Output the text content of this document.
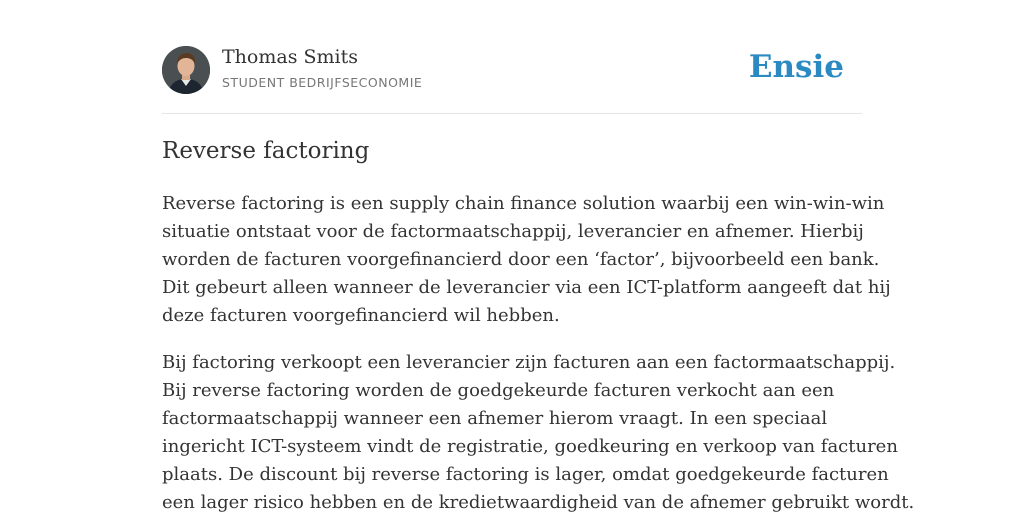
Thomas Smits
STUDENT BEDRIJFSECONOMIE	Ensie
Reverse factoring

Reverse factoring is een supply chain finance solution waarbij een win-win-win
situatie ontstaat voor de factormaatschappij, leverancier en afnemer. Hierbij
worden de facturen voorgefinancierd door een ‘factor’, bijvoorbeeld een bank.
Dit gebeurt alleen wanneer de leverancier via een ICT-platform aangeeft dat hij
deze facturen voorgefinancierd wil hebben.

Bij factoring verkoopt een leverancier zijn facturen aan een factormaatschappij.
Bij reverse factoring worden de goedgekeurde facturen verkocht aan een
factormaatschappij wanneer een afnemer hierom vraagt. In een speciaal
ingericht ICT-systeem vindt de registratie, goedkeuring en verkoop van facturen
plaats. De discount bij reverse factoring is lager, omdat goedgekeurde facturen
een lager risico hebben en de kredietwaardigheid van de afnemer gebruikt wordt.
